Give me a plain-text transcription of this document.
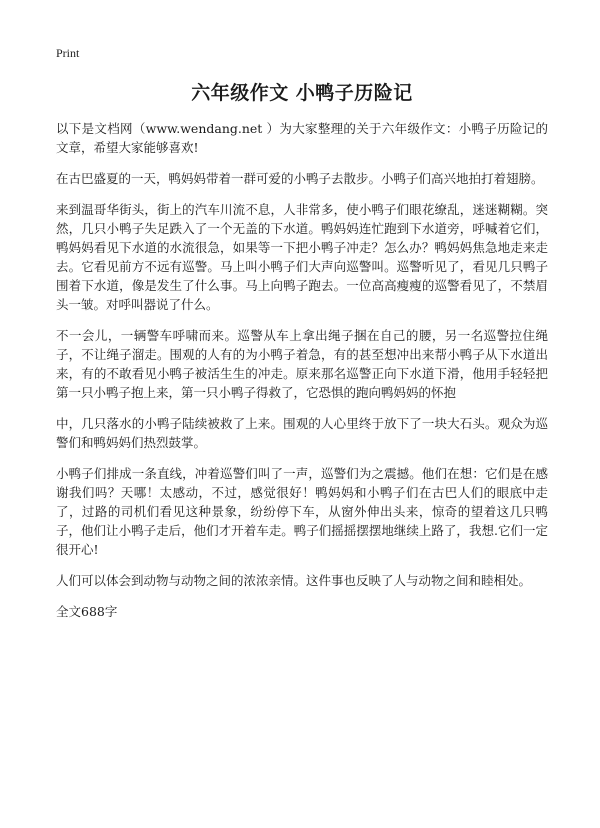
Print
六年级作文 小鸭子历险记

以下是文档网（www.wendang.net ）为大家整理的关于六年级作文：小鸭子历险记的文章，希望大家能够喜欢!

在古巴盛夏的一天，鸭妈妈带着一群可爱的小鸭子去散步。小鸭子们高兴地拍打着翅膀。

来到温哥华街头，街上的汽车川流不息，人非常多，使小鸭子们眼花缭乱，迷迷糊糊。突然，几只小鸭子失足跌入了一个无盖的下水道。鸭妈妈连忙跑到下水道旁，呼喊着它们，鸭妈妈看见下水道的水流很急，如果等一下把小鸭子冲走？怎么办？鸭妈妈焦急地走来走去。它看见前方不远有巡警。马上叫小鸭子们大声向巡警叫。巡警听见了，看见几只鸭子围着下水道，像是发生了什么事。马上向鸭子跑去。一位高高瘦瘦的巡警看见了，不禁眉头一皱。对呼叫器说了什么。

不一会儿，一辆警车呼啸而来。巡警从车上拿出绳子捆在自己的腰，另一名巡警拉住绳子，不让绳子溜走。围观的人有的为小鸭子着急，有的甚至想冲出来帮小鸭子从下水道出来，有的不敢看见小鸭子被活生生的冲走。原来那名巡警正向下水道下滑，他用手轻轻把第一只小鸭子抱上来，第一只小鸭子得救了，它恐惧的跑向鸭妈妈的怀抱

中，几只落水的小鸭子陆续被救了上来。围观的人心里终于放下了一块大石头。观众为巡警们和鸭妈妈们热烈鼓掌。

小鸭子们排成一条直线，冲着巡警们叫了一声，巡警们为之震撼。他们在想：它们是在感谢我们吗？天哪！太感动，不过，感觉很好！鸭妈妈和小鸭子们在古巴人们的眼底中走了，过路的司机们看见这种景象，纷纷停下车，从窗外伸出头来，惊奇的望着这几只鸭子，他们让小鸭子走后，他们才开着车走。鸭子们摇摇摆摆地继续上路了，我想.它们一定很开心!

人们可以体会到动物与动物之间的浓浓亲情。这件事也反映了人与动物之间和睦相处。

全文688字
